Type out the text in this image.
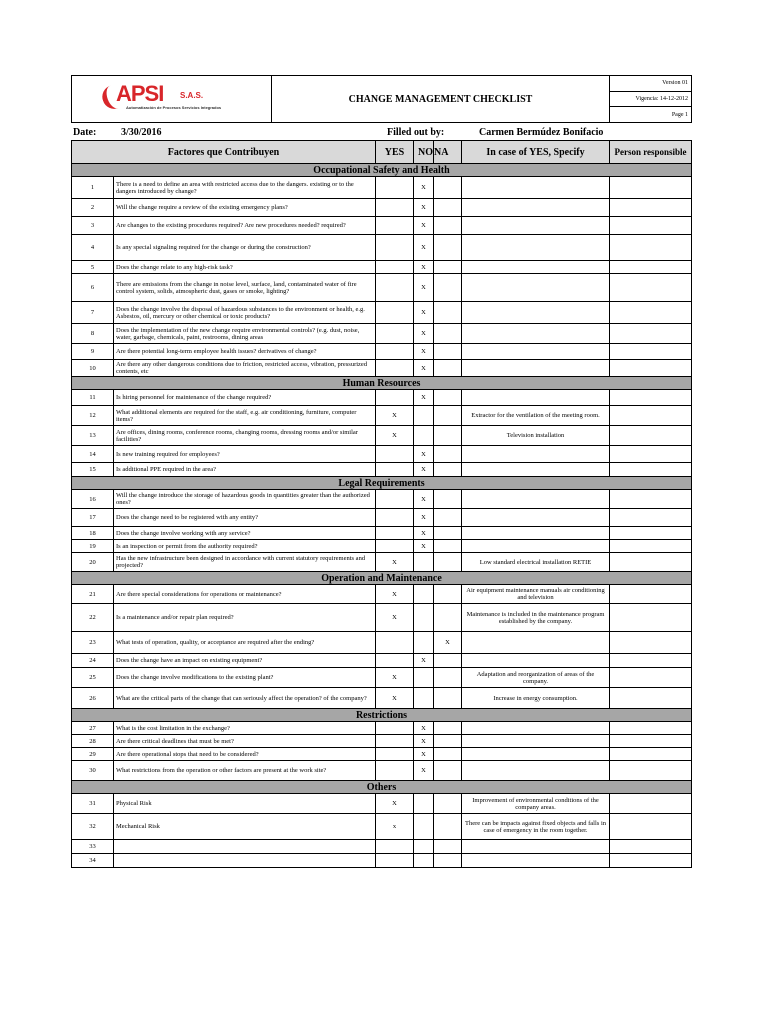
APSI S.A.S.
Automatización de Procesos Servicios Integrados
	CHANGE MANAGEMENT CHECKLIST	Version 01
Vigencia: 14-12-2012
Page 1
Date:	3/30/2016	Filled out by:	Carmen Bermúdez Bonifacio
Factores que Contribuyen		YES	NO	NA	In case of YES, Specify	Person responsible
Occupational Safety and Health						
1	There is a need to define an area with restricted access due to the dangers. existing or to the dangers introduced by change?		X			
2	Will the change require a review of the existing emergency plans?		X			
3	Are changes to the existing procedures required? Are new procedures needed? required?		X			
4	Is any special signaling required for the change or during the construction?		X			
5	Does the change relate to any high-risk task?		X			
6	There are emissions from the change in noise level, surface, land, contaminated water of fire control system, solids, atmospheric dust, gases or smoke, lighting?		X			
7	Does the change involve the disposal of hazardous substances to the environment or health, e.g. Asbestos, oil, mercury or other chemical or toxic products?		X			
8	Does the implementation of the new change require environmental controls? (e.g. dust, noise, water, garbage, chemicals, paint, restrooms, dining areas		X			
9	Are there potential long-term employee health issues? derivatives of change?		X			
10	Are there any other dangerous conditions due to friction, restricted access, vibration, pressurized contents, etc		X			
Human Resources						
11	Is hiring personnel for maintenance of the change required?		X			
12	What additional elements are required for the staff, e.g. air conditioning, furniture, computer items?	X			Extractor for the ventilation of the meeting room.	
13	Are offices, dining rooms, conference rooms, changing rooms, dressing rooms and/or similar facilities?	X			Television installation	
14	Is new training required for employees?		X			
15	Is additional PPE required in the area?		X			
Legal Requirements						
16	Will the change introduce the storage of hazardous goods in quantities greater than the authorized ones?		X			
17	Does the change need to be registered with any entity?		X			
18	Does the change involve working with any service?		X			
19	Is an inspection or permit from the authority required?		X			
20	Has the new infrastructure been designed in accordance with current statutory requirements and projected?	X			Low standard electrical installation RETIE	
Operation and Maintenance						
21	Are there special considerations for operations or maintenance?	X			Air equipment maintenance manuals air conditioning and television	
22	Is a maintenance and/or repair plan required?	X			Maintenance is included in the maintenance program established by the company.	
23	What tests of operation, quality, or acceptance are required after the ending?			X		
24	Does the change have an impact on existing equipment?		X			
25	Does the change involve modifications to the existing plant?	X			Adaptation and reorganization of areas of the company.	
26	What are the critical parts of the change that can seriously affect the operation? of the company?	X			Increase in energy consumption.	
Restrictions						
27	What is the cost limitation in the exchange?		X			
28	Are there critical deadlines that must be met?		X			
29	Are there operational stops that need to be considered?		X			
30	What restrictions from the operation or other factors are present at the work site?		X			
Others						
31	Physical Risk	X			Improvement of environmental conditions of the company areas.	
32	Mechanical Risk	x			There can be impacts against fixed objects and falls in case of emergency in the room together.	
33						
34						
